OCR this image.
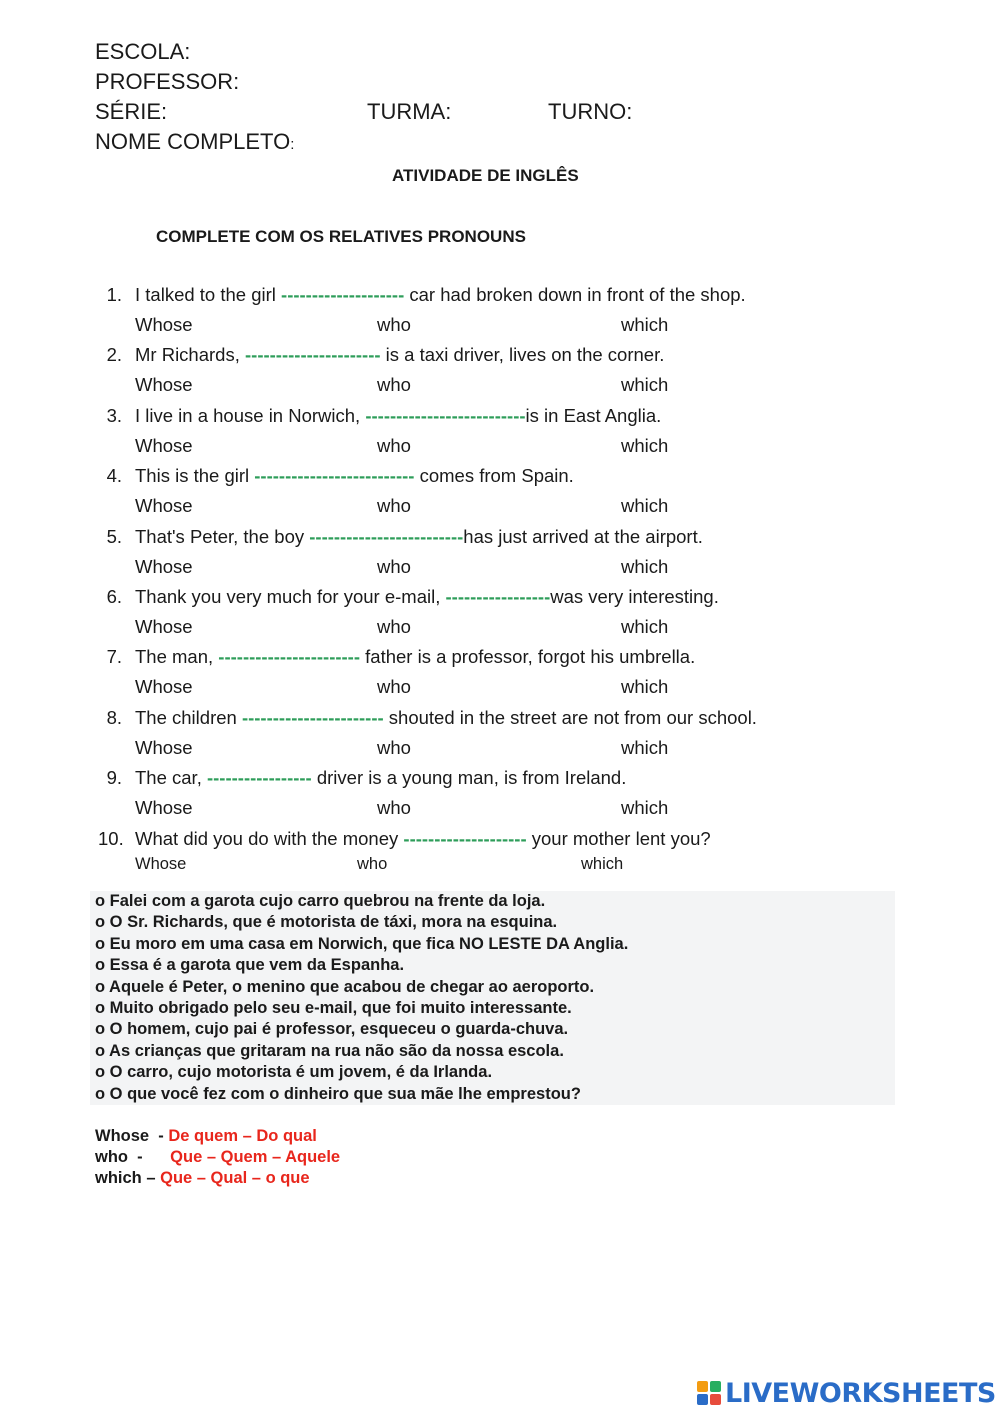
ESCOLA:
PROFESSOR:
SÉRIE:	TURMA:	TURNO:
NOME COMPLETO:
ATIVIDADE DE INGLÊS
COMPLETE COM OS RELATIVES PRONOUNS
1. I talked to the girl -------------------- car had broken down in front of the shop.
Whose	who	which
2. Mr Richards, ---------------------- is a taxi driver, lives on the corner.
Whose	who	which
3. I live in a house in Norwich, --------------------------is in East Anglia.
Whose	who	which
4. This is the girl -------------------------- comes from Spain.
Whose	who	which
5. That's Peter, the boy -------------------------has just arrived at the airport.
Whose	who	which
6. Thank you very much for your e-mail, -----------------was very interesting.
Whose	who	which
7. The man, ----------------------- father is a professor, forgot his umbrella.
Whose	who	which
8. The children ----------------------- shouted in the street are not from our school.
Whose	who	which
9. The car, ----------------- driver is a young man, is from Ireland.
Whose	who	which
10. What did you do with the money -------------------- your mother lent you?
Whose	who	which
o Falei com a garota cujo carro quebrou na frente da loja.
o O Sr. Richards, que é motorista de táxi, mora na esquina.
o Eu moro em uma casa em Norwich, que fica NO LESTE DA Anglia.
o Essa é a garota que vem da Espanha.
o Aquele é Peter, o menino que acabou de chegar ao aeroporto.
o Muito obrigado pelo seu e-mail, que foi muito interessante.
o O homem, cujo pai é professor, esqueceu o guarda-chuva.
o As crianças que gritaram na rua não são da nossa escola.
o O carro, cujo motorista é um jovem, é da Irlanda.
o O que você fez com o dinheiro que sua mãe lhe emprestou?
Whose  - De quem – Do qual
who  -      Que – Quem – Aquele
which – Que – Qual – o que
LIVEWORKSHEETS
